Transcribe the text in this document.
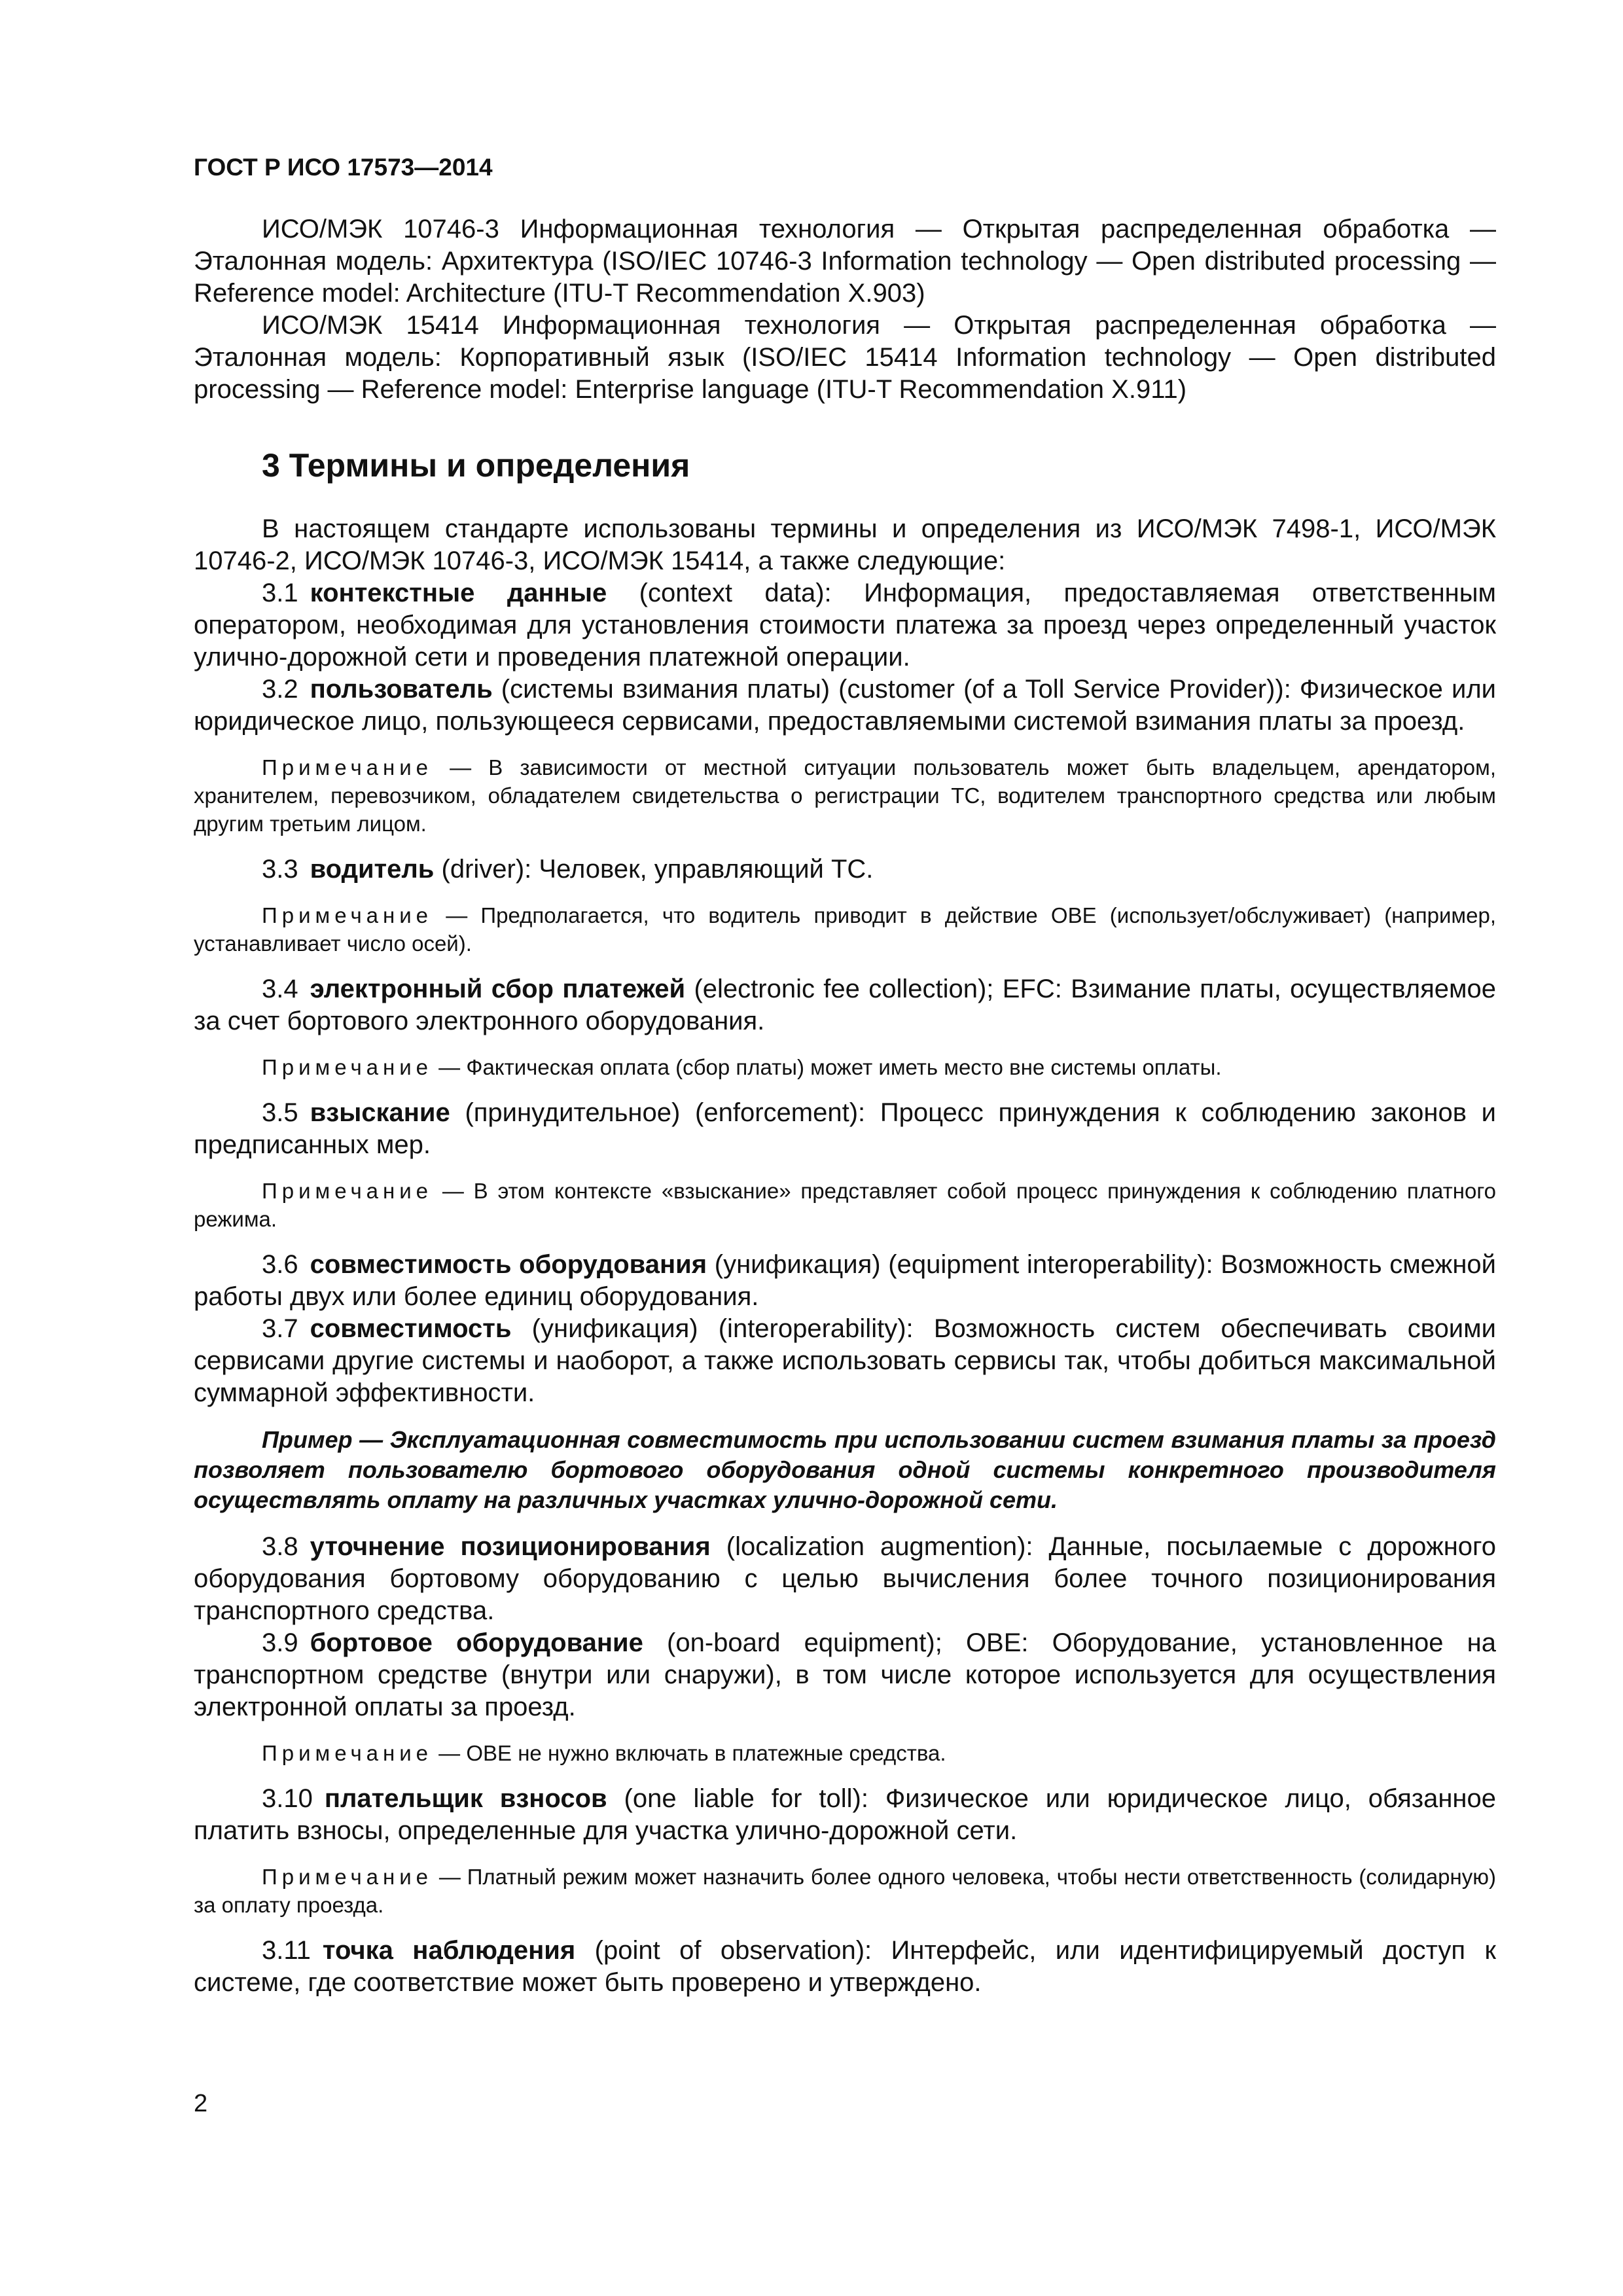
ГОСТ Р ИСО 17573—2014

ИСО/МЭК 10746-3 Информационная технология — Открытая распределенная обработка — Эталонная модель: Архитектура (ISO/IEC 10746-3 Information technology — Open distributed processing — Reference model: Architecture (ITU-T Recommendation X.903)

ИСО/МЭК 15414 Информационная технология — Открытая распределенная обработка — Эталонная модель: Корпоративный язык (ISO/IEC 15414 Information technology — Open distributed processing — Reference model: Enterprise language (ITU-T Recommendation X.911)

3 Термины и определения

В настоящем стандарте использованы термины и определения из ИСО/МЭК 7498-1, ИСО/МЭК 10746-2, ИСО/МЭК 10746-3, ИСО/МЭК 15414, а также следующие:

3.1 контекстные данные (context data): Информация, предоставляемая ответственным оператором, необходимая для установления стоимости платежа за проезд через определенный участок улично-дорожной сети и проведения платежной операции.

3.2 пользователь (системы взимания платы) (customer (of a Toll Service Provider)): Физическое или юридическое лицо, пользующееся сервисами, предоставляемыми системой взимания платы за проезд.

Примечание — В зависимости от местной ситуации пользователь может быть владельцем, арендатором, хранителем, перевозчиком, обладателем свидетельства о регистрации ТС, водителем транспортного средства или любым другим третьим лицом.

3.3 водитель (driver): Человек, управляющий ТС.

Примечание — Предполагается, что водитель приводит в действие OBE (использует/обслуживает) (например, устанавливает число осей).

3.4 электронный сбор платежей (electronic fee collection); EFC: Взимание платы, осуществляемое за счет бортового электронного оборудования.

Примечание — Фактическая оплата (сбор платы) может иметь место вне системы оплаты.

3.5 взыскание (принудительное) (enforcement): Процесс принуждения к соблюдению законов и предписанных мер.

Примечание — В этом контексте «взыскание» представляет собой процесс принуждения к соблюдению платного режима.

3.6 совместимость оборудования (унификация) (equipment interoperability): Возможность смежной работы двух или более единиц оборудования.

3.7 совместимость (унификация) (interoperability): Возможность систем обеспечивать своими сервисами другие системы и наоборот, а также использовать сервисы так, чтобы добиться максимальной суммарной эффективности.

Пример — Эксплуатационная совместимость при использовании систем взимания платы за проезд позволяет пользователю бортового оборудования одной системы конкретного производителя осуществлять оплату на различных участках улично-дорожной сети.

3.8 уточнение позиционирования (localization augmention): Данные, посылаемые с дорожного оборудования бортовому оборудованию с целью вычисления более точного позиционирования транспортного средства.

3.9 бортовое оборудование (on-board equipment); OBE: Оборудование, установленное на транспортном средстве (внутри или снаружи), в том числе которое используется для осуществления электронной оплаты за проезд.

Примечание — OBE не нужно включать в платежные средства.

3.10 плательщик взносов (one liable for toll): Физическое или юридическое лицо, обязанное платить взносы, определенные для участка улично-дорожной сети.

Примечание — Платный режим может назначить более одного человека, чтобы нести ответственность (солидарную) за оплату проезда.

3.11 точка наблюдения (point of observation): Интерфейс, или идентифицируемый доступ к системе, где соответствие может быть проверено и утверждено.

2
